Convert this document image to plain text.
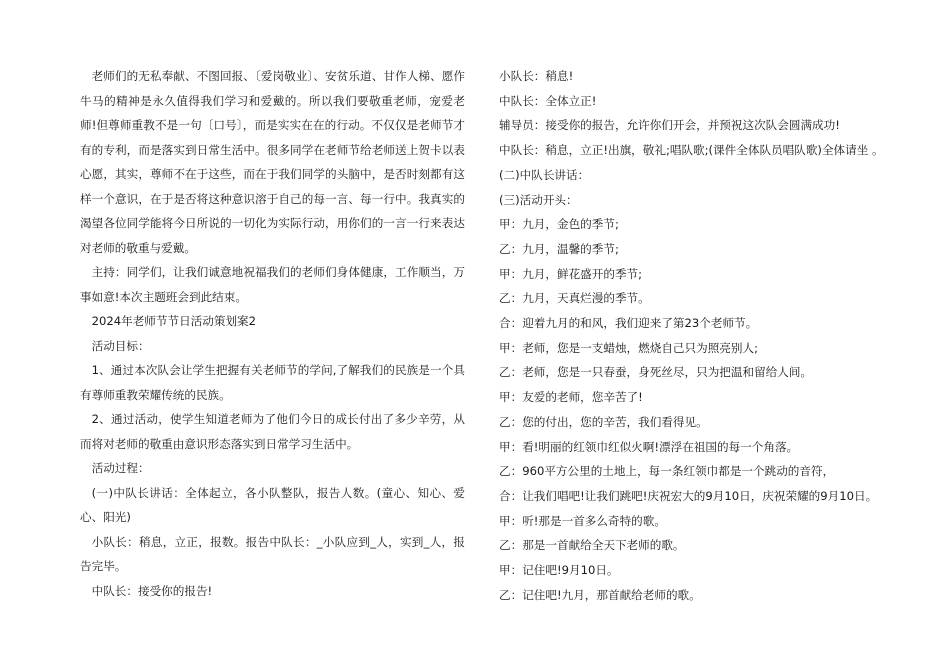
老师们的无私奉献、不图回报、〔爱岗敬业〕、安贫乐道、甘作人梯、愿作牛马的精神是永久值得我们学习和爱戴的。所以我们要敬重老师，宠爱老师!但尊师重教不是一句〔口号〕，而是实实在在的行动。不仅仅是老师节才有的专利，而是落实到日常生活中。很多同学在老师节给老师送上贺卡以表心愿，其实，尊师不在于这些，而在于我们同学的头脑中，是否时刻都有这样一个意识，在于是否将这种意识溶于自己的每一言、每一行中。我真实的渴望各位同学能将今日所说的一切化为实际行动，用你们的一言一行来表达对老师的敬重与爱戴。

主持：同学们，让我们诚意地祝福我们的老师们身体健康，工作顺当，万事如意!本次主题班会到此结束。

2024年老师节节日活动策划案2

活动目标：

1、通过本次队会让学生把握有关老师节的学问,了解我们的民族是一个具有尊师重教荣耀传统的民族。

2、通过活动，使学生知道老师为了他们今日的成长付出了多少辛劳，从而将对老师的敬重由意识形态落实到日常学习生活中。

活动过程：

(一)中队长讲话：全体起立，各小队整队，报告人数。(童心、知心、爱心、阳光)

小队长：稍息，立正，报数。报告中队长：_小队应到_人，实到_人，报告完毕。

中队长：接受你的报告!

小队长：稍息!

中队长：全体立正!

辅导员：接受你的报告，允许你们开会，并预祝这次队会圆满成功!

中队长：稍息，立正!出旗，敬礼;唱队歌;(课件全体队员唱队歌)全体请坐 。

(二)中队长讲话：

(三)活动开头：

甲：九月，金色的季节;

乙：九月，温馨的季节;

甲：九月，鲜花盛开的季节;

乙：九月，天真烂漫的季节。

合：迎着九月的和风，我们迎来了第23个老师节。

甲：老师，您是一支蜡烛，燃烧自己只为照亮别人;

乙：老师，您是一只春蚕，身死丝尽，只为把温和留给人间。

甲：友爱的老师，您辛苦了!

乙：您的付出，您的辛苦，我们看得见。

甲：看!明丽的红领巾红似火啊!漂浮在祖国的每一个角落。

乙：960平方公里的土地上，每一条红领巾都是一个跳动的音符，

合：让我们唱吧!让我们跳吧!庆祝宏大的9月10日，庆祝荣耀的9月10日。

甲：听!那是一首多么奇特的歌。

乙：那是一首献给全天下老师的歌。

甲：记住吧!9月10日。

乙：记住吧!九月，那首献给老师的歌。
